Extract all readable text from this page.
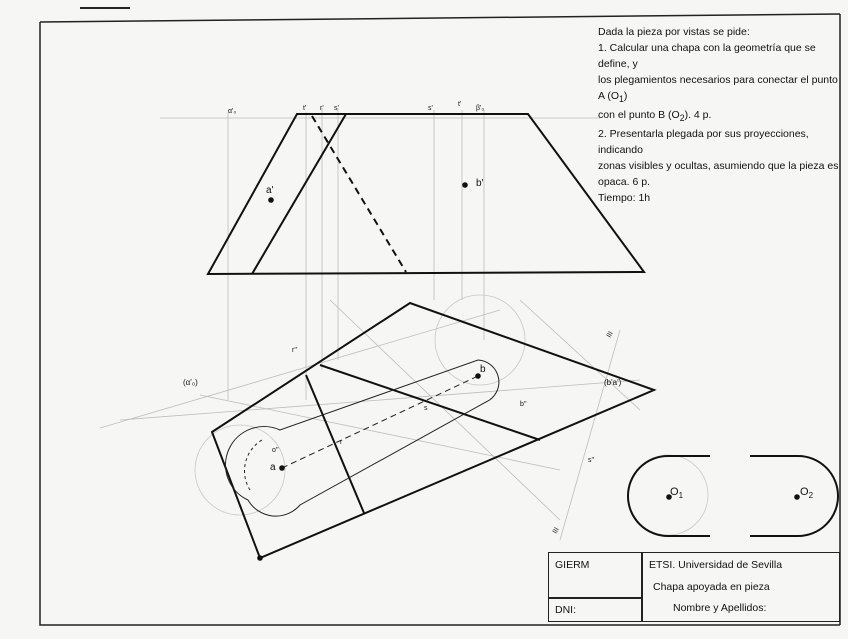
a'
b'
α'₀	t' r' s'	s'
t'
β'₀
a
b
o''
(α'₀)
r''
s''
s
r
b''
(b'a')
III
III
$O_1$	$O_2$
Dada la pieza por vistas se pide:
1. Calcular una chapa con la geometría que se define, y
los plegamientos necesarios para conectar el punto A $(O_1)$
con el punto B $(O_2)$. 4 p.
2. Presentarla plegada por sus proyecciones, indicando
zonas visibles y ocultas, asumiendo que la pieza es
opaca. 6 p.
Tiempo: 1h
GIERM
DNI:
ETSI. Universidad de Sevilla
Chapa apoyada en pieza
Nombre y Apellidos:
